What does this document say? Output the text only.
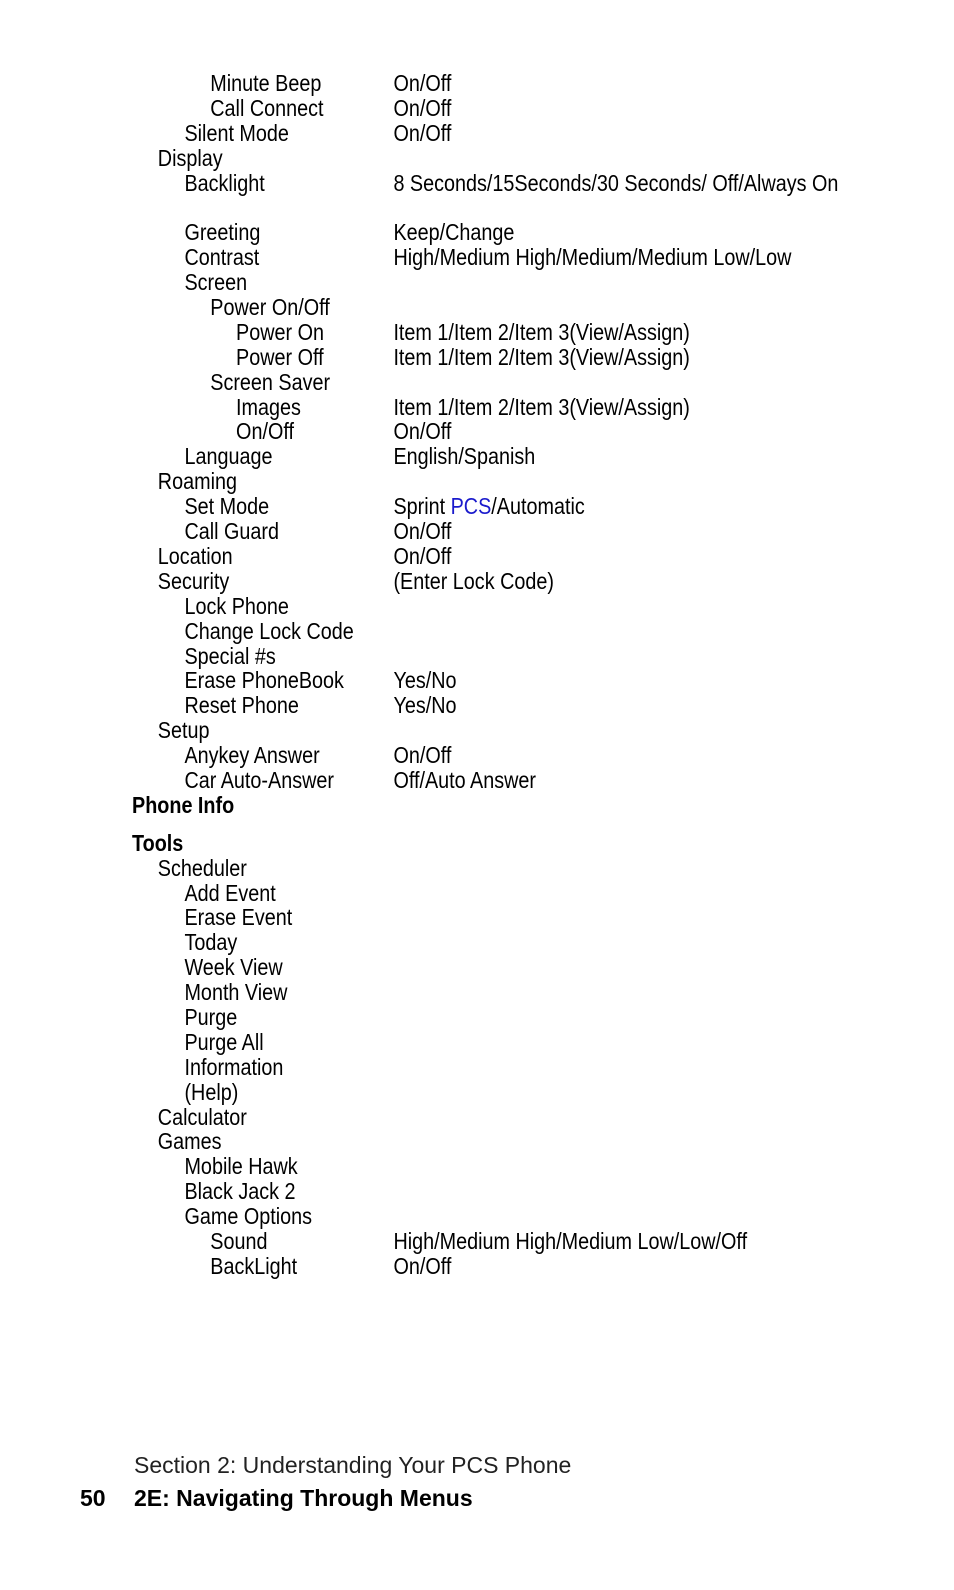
Minute Beep	On/Off
Call Connect	On/Off
Silent Mode	On/Off
Display
Backlight	8 Seconds/15Seconds/30 Seconds/ Off/Always On
Greeting	Keep/Change
Contrast	High/Medium High/Medium/Medium Low/Low
Screen
Power On/Off
Power On	Item 1/Item 2/Item 3(View/Assign)
Power Off	Item 1/Item 2/Item 3(View/Assign)
Screen Saver
Images	Item 1/Item 2/Item 3(View/Assign)
On/Off	On/Off
Language	English/Spanish
Roaming
Set Mode	Sprint PCS/Automatic
Call Guard	On/Off
Location	On/Off
Security	(Enter Lock Code)
Lock Phone
Change Lock Code
Special #s
Erase PhoneBook Yes/No
Reset Phone	Yes/No
Setup
Anykey Answer	On/Off
Car Auto-Answer	Off/Auto Answer
Phone Info
Tools
Scheduler
Add Event
Erase Event
Today
Week View
Month View
Purge
Purge All
Information
(Help)
Calculator
Games
Mobile Hawk
Black Jack 2
Game Options
Sound	High/Medium High/Medium Low/Low/Off
BackLight	On/Off
Section 2: Understanding Your PCS Phone
50 2E: Navigating Through Menus
